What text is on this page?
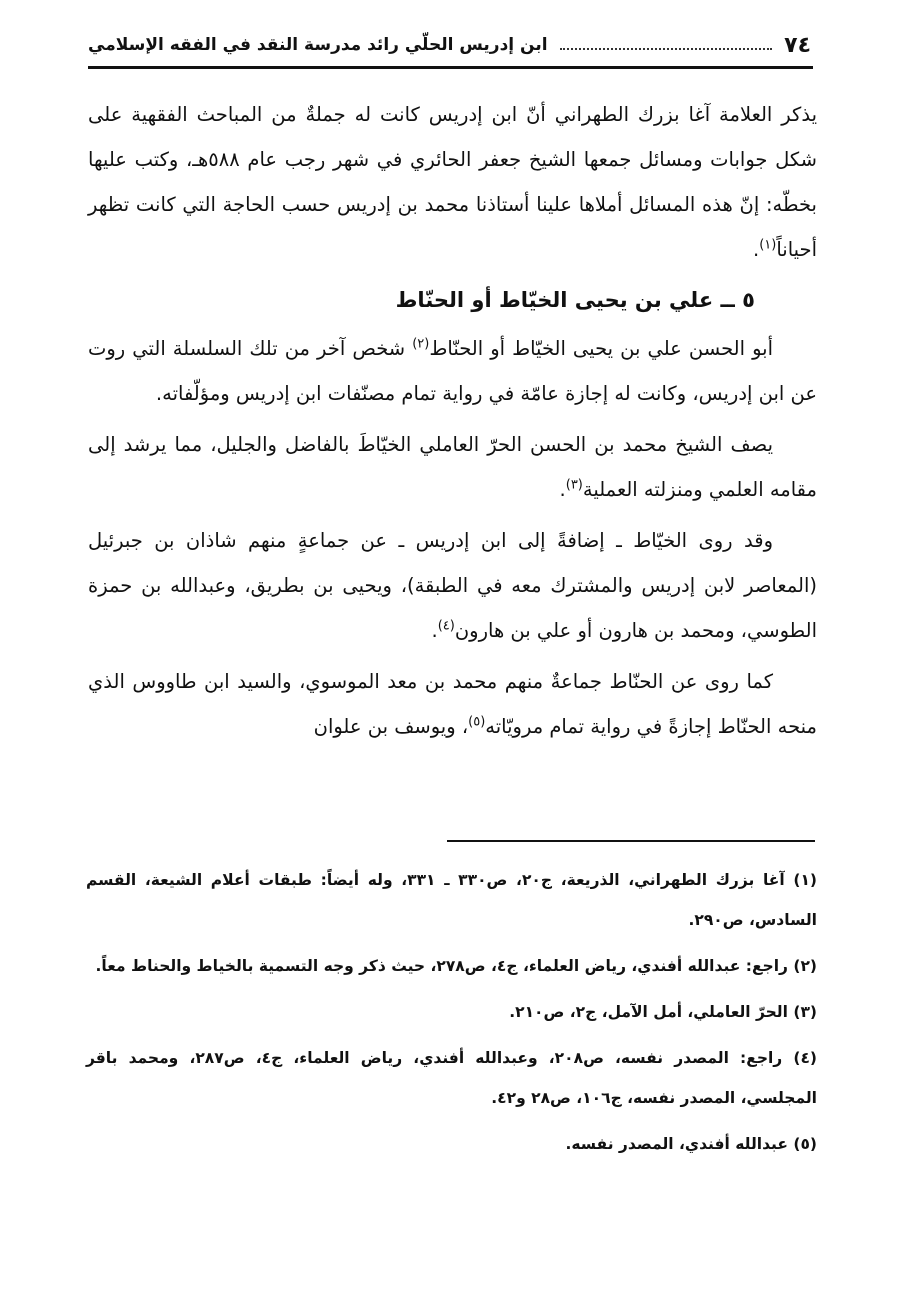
٧٤
ابن إدريس الحلّي رائد مدرسة النقد في الفقه الإسلامي

يذكر العلامة آغا بزرك الطهراني أنّ ابن إدريس كانت له جملةٌ من المباحث الفقهية على شكل جوابات ومسائل جمعها الشيخ جعفر الحائري في شهر رجب عام ٥٨٨هـ، وكتب عليها بخطّه: إنّ هذه المسائل أملاها علينا أستاذنا محمد بن إدريس حسب الحاجة التي كانت تظهر أحياناً$^{(١)}$.

٥ ــ علي بن يحيى الخيّاط أو الحنّاط

أبو الحسن علي بن يحيى الخيّاط أو الحنّاط$^{(٢)}$ شخص آخر من تلك السلسلة التي روت عن ابن إدريس، وكانت له إجازة عامّة في رواية تمام مصنّفات ابن إدريس ومؤلّفاته.

يصف الشيخ محمد بن الحسن الحرّ العاملي الخيّاطَ بالفاضل والجليل، مما يرشد إلى مقامه العلمي ومنزلته العملية$^{(٣)}$.

وقد روى الخيّاط ـ إضافةً إلى ابن إدريس ـ عن جماعةٍ منهم شاذان بن جبرئيل (المعاصر لابن إدريس والمشترك معه في الطبقة)، ويحيى بن بطريق، وعبدالله بن حمزة الطوسي، ومحمد بن هارون أو علي بن هارون$^{(٤)}$.

كما روى عن الحنّاط جماعةٌ منهم محمد بن معد الموسوي، والسيد ابن طاووس الذي منحه الحنّاط إجازةً في رواية تمام مرويّاته$^{(٥)}$، ويوسف بن علوان

(١) آغا بزرك الطهراني، الذريعة، ج٢٠، ص٣٣٠ ـ ٣٣١، وله أيضاً: طبقات أعلام الشيعة، القسم السادس، ص٢٩٠.
(٢) راجع: عبدالله أفندي، رياض العلماء، ج٤، ص٢٧٨، حيث ذكر وجه التسمية بالخياط والحناط معاً.
(٣) الحرّ العاملي، أمل الآمل، ج٢، ص٢١٠.
(٤) راجع: المصدر نفسه، ص٢٠٨، وعبدالله أفندي، رياض العلماء، ج٤، ص٢٨٧، ومحمد باقر المجلسي، المصدر نفسه، ج١٠٦، ص٢٨ و٤٢.
(٥) عبدالله أفندي، المصدر نفسه.
